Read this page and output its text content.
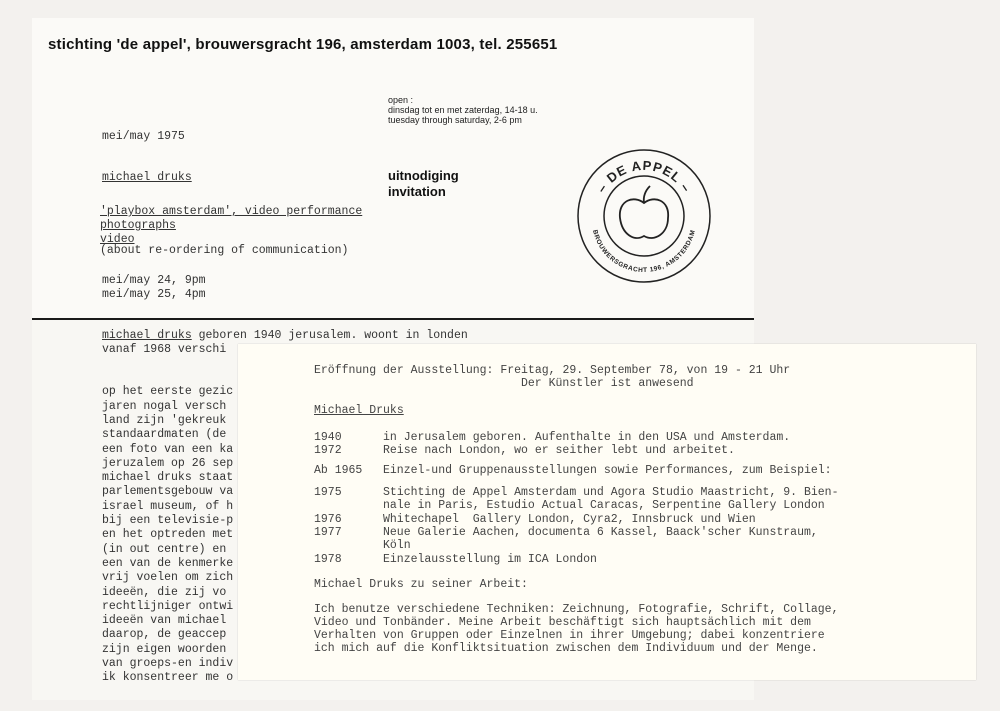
stichting 'de appel', brouwersgracht 196, amsterdam 1003, tel. 255651
open :
dinsdag tot en met zaterdag, 14-18 u.
tuesday through saturday, 2-6 pm
mei/may 1975
michael druks	uitnodiging
invitation
'playbox amsterdam', video performance
photographs
video
(about re-ordering of communication)
mei/may 24, 9pm
mei/may 25, 4pm
– DE APPEL –
BROUWERSGRACHT 196, AMSTERDAM
michael druks geboren 1940 jerusalem. woont in londen
vanaf 1968 verschi
op het eerste gezic
jaren nogal versch
land zijn 'gekreuk
standaardmaten (de
een foto van een ka
jeruzalem op 26 sep
michael druks staat
parlementsgebouw va
israel museum, of h
bij een televisie-p
en het optreden met
(in out centre) en
een van de kenmerke
vrij voelen om zich
ideeën, die zij vo
rechtlijniger ontwi
ideeën van michael
daarop, de geaccep
zijn eigen woorden
van groeps-en indiv
ik konsentreer me o
Eröffnung der Ausstellung: Freitag, 29. September 78, von 19 - 21 Uhr
Der Künstler ist anwesend
Michael Druks
1940	in Jerusalem geboren. Aufenthalte in den USA und Amsterdam.
1972	Reise nach London, wo er seither lebt und arbeitet.
Ab 1965 Einzel-und Gruppenausstellungen sowie Performances, zum Beispiel:
1975	Stichting de Appel Amsterdam und Agora Studio Maastricht, 9. Bien-
nale in Paris, Estudio Actual Caracas, Serpentine Gallery London
1976	Whitechapel  Gallery London, Cyra2, Innsbruck und Wien
1977	Neue Galerie Aachen, documenta 6 Kassel, Baack'scher Kunstraum,
Köln
1978	Einzelausstellung im ICA London
Michael Druks zu seiner Arbeit:
Ich benutze verschiedene Techniken: Zeichnung, Fotografie, Schrift, Collage,
Video und Tonbänder. Meine Arbeit beschäftigt sich hauptsächlich mit dem
Verhalten von Gruppen oder Einzelnen in ihrer Umgebung; dabei konzentriere
ich mich auf die Konfliktsituation zwischen dem Individuum und der Menge.
